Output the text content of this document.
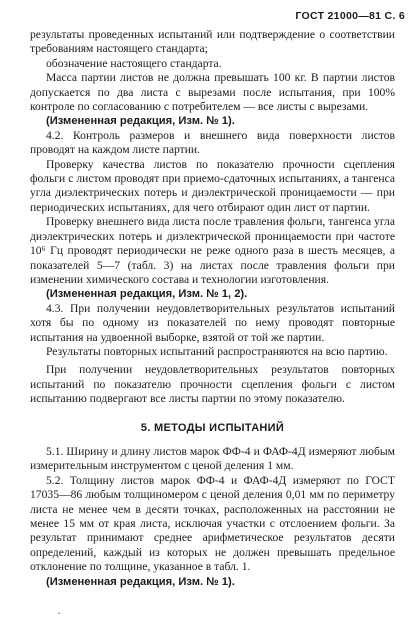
ГОСТ 21000—81 С. 6

результаты проведенных испытаний или подтверждение о соответствии требованиям настоящего стандарта;

обозначение настоящего стандарта.

Масса партии листов не должна превышать 100 кг. В партии листов допускается по два листа с вырезами после испытания, при 100% контроле по согласованию с потребителем — все листы с вырезами.

(Измененная редакция, Изм. № 1).

4.2. Контроль размеров и внешнего вида поверхности листов проводят на каждом листе партии.

Проверку качества листов по показателю прочности сцепления фольги с листом проводят при приемо-сдаточных испытаниях, а тангенса угла диэлектрических потерь и диэлектрической проницаемости — при периодических испытаниях, для чего отбирают один лист от партии.

Проверку внешнего вида листа после травления фольги, тангенса угла диэлектрических потерь и диэлектрической проницаемости при частоте 10⁶ Гц проводят периодически не реже одного раза в шесть месяцев, а показателей 5—7 (табл. 3) на листах после травления фольги при изменении химического состава и технологии изготовления.

(Измененная редакция, Изм. № 1, 2).

4.3. При получении неудовлетворительных результатов испытаний хотя бы по одному из показателей по нему проводят повторные испытания на удвоенной выборке, взятой от той же партии.

Результаты повторных испытаний распространяются на всю партию.

При получении неудовлетворительных результатов повторных испытаний по показателю прочности сцепления фольги с листом испытанию подвергают все листы партии по этому показателю.

5. МЕТОДЫ ИСПЫТАНИЙ

5.1. Ширину и длину листов марок ФФ-4 и ФАФ-4Д измеряют любым измерительным инструментом с ценой деления 1 мм.

5.2. Толщину листов марок ФФ-4 и ФАФ-4Д измеряют по ГОСТ 17035—86 любым толщиномером с ценой деления 0,01 мм по периметру листа не менее чем в десяти точках, расположенных на расстоянии не менее 15 мм от края листа, исключая участки с отслоением фольги. За результат принимают среднее арифметическое результатов десяти определений, каждый из которых не должен превышать предельное отклонение по толщине, указанное в табл. 1.

(Измененная редакция, Изм. № 1).

·
